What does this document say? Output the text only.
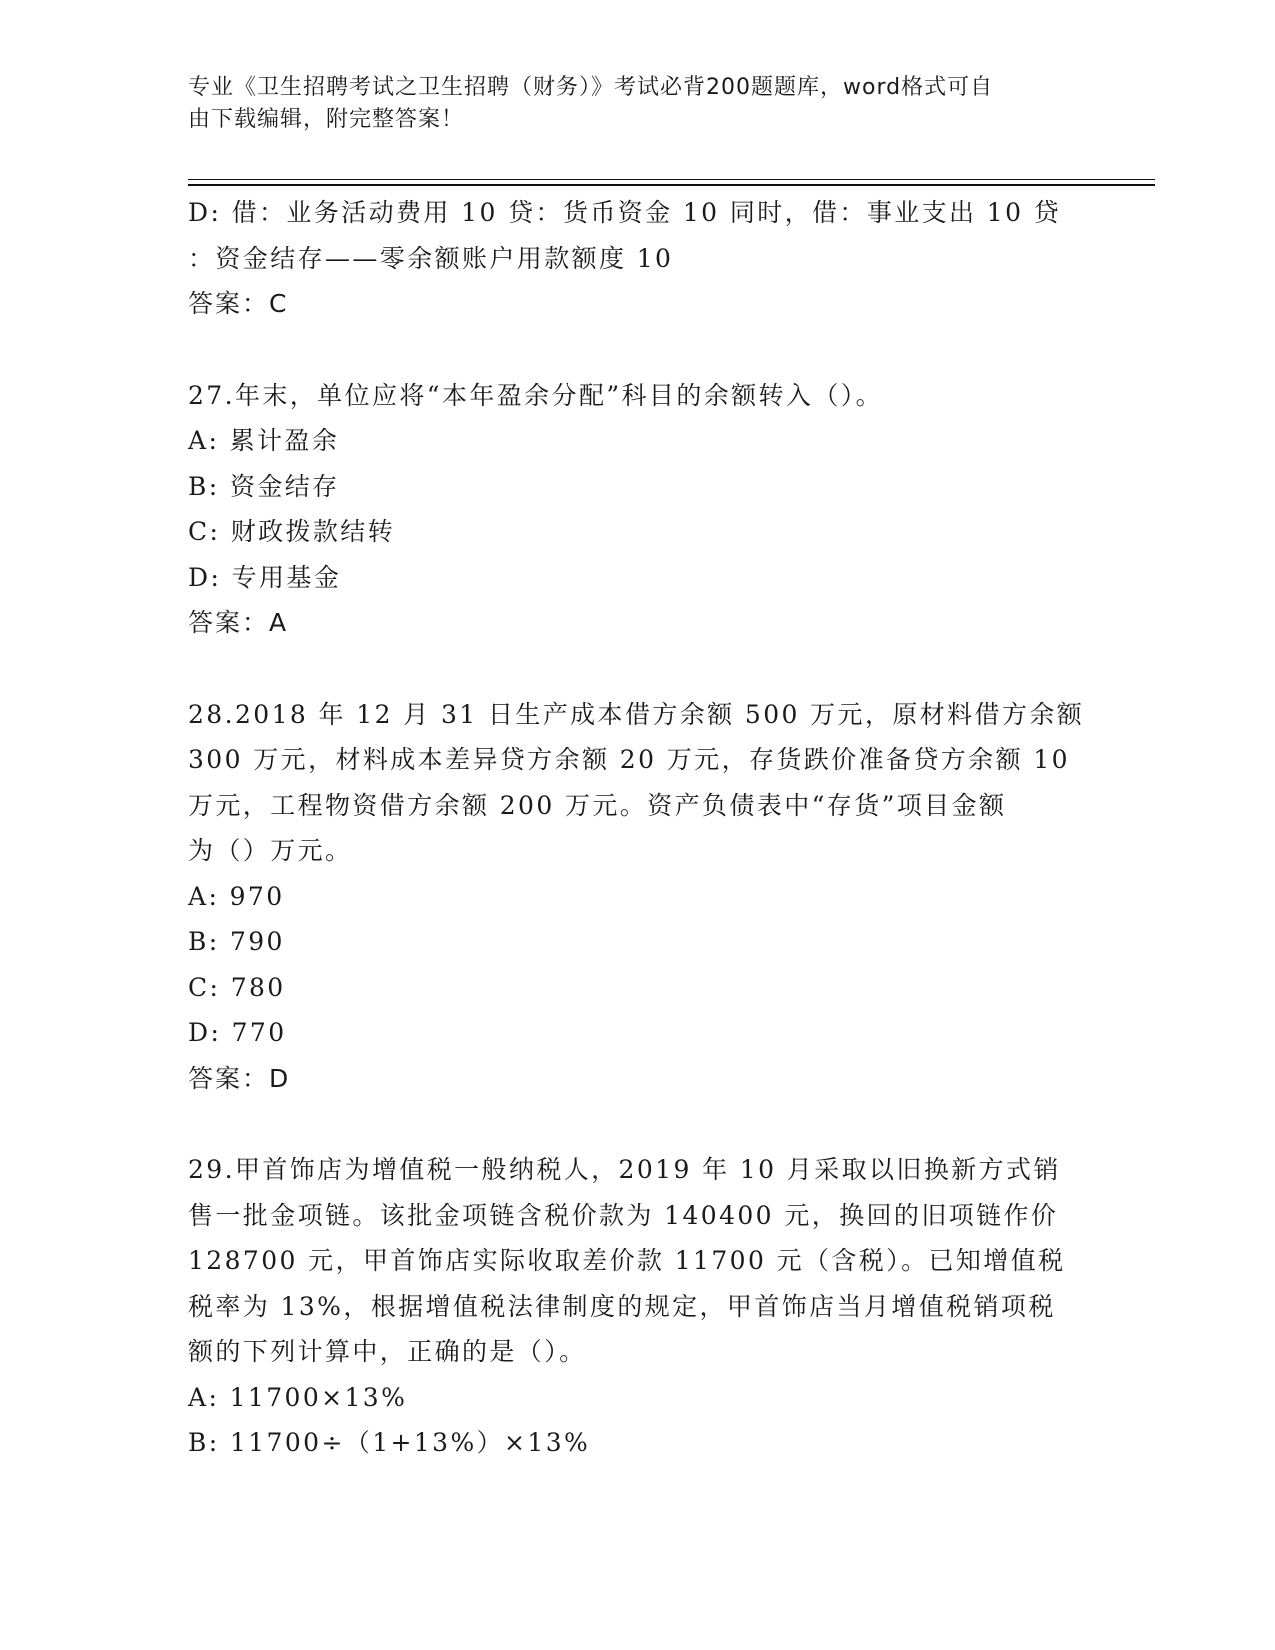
专业《卫生招聘考试之卫生招聘（财务）》考试必背200题题库，word格式可自
由下载编辑，附完整答案！
D: 借：业务活动费用 10 贷：货币资金 10 同时，借：事业支出 10 贷
：资金结存——零余额账户用款额度 10
答案：C
27.年末，单位应将“本年盈余分配”科目的余额转入（）。
A: 累计盈余
B: 资金结存
C: 财政拨款结转
D: 专用基金
答案：A
28.2018 年 12 月 31 日生产成本借方余额 500 万元，原材料借方余额
300 万元，材料成本差异贷方余额 20 万元，存货跌价准备贷方余额 10
万元，工程物资借方余额 200 万元。资产负债表中“存货”项目金额
为（）万元。
A: 970
B: 790
C: 780
D: 770
答案：D
29.甲首饰店为增值税一般纳税人，2019 年 10 月采取以旧换新方式销
售一批金项链。该批金项链含税价款为 140400 元，换回的旧项链作价
128700 元，甲首饰店实际收取差价款 11700 元（含税）。已知增值税
税率为 13%，根据增值税法律制度的规定，甲首饰店当月增值税销项税
额的下列计算中，正确的是（）。
A: 11700×13%
B: 11700÷（1+13%）×13%
